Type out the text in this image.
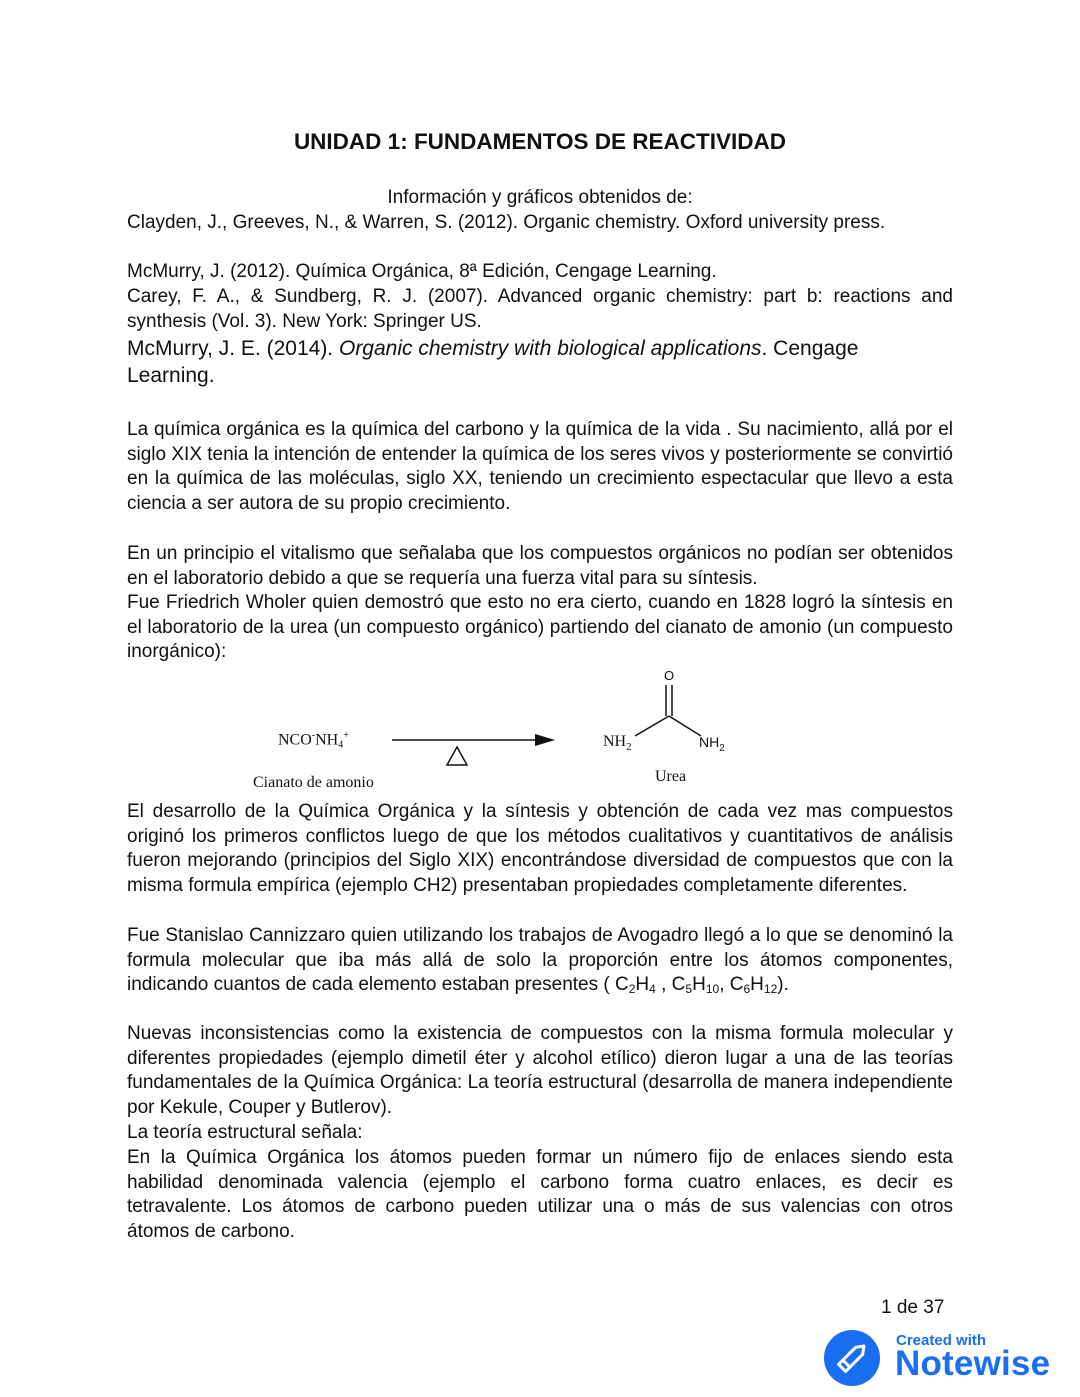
UNIDAD 1: FUNDAMENTOS DE REACTIVIDAD

Información y gráficos obtenidos de:

Clayden, J., Greeves, N., & Warren, S. (2012). Organic chemistry. Oxford university press.

McMurry, J. (2012). Química Orgánica, 8ª Edición, Cengage Learning.

Carey, F. A., & Sundberg, R. J. (2007). Advanced organic chemistry: part b: reactions and synthesis (Vol. 3). New York: Springer US.

McMurry, J. E. (2014). Organic chemistry with biological applications. Cengage Learning.

La química orgánica es la química del carbono y la química de la vida . Su nacimiento, allá por el siglo XIX tenia la intención de entender la química de los seres vivos y posteriormente se convirtió en la química de las moléculas, siglo XX, teniendo un crecimiento espectacular que llevo a esta ciencia a ser autora de su propio crecimiento.

En un principio el vitalismo que señalaba que los compuestos orgánicos no podían ser obtenidos en el laboratorio debido a que se requería una fuerza vital para su síntesis.

Fue Friedrich Wholer quien demostró que esto no era cierto, cuando en 1828 logró la síntesis en el laboratorio de la urea (un compuesto orgánico) partiendo del cianato de amonio (un compuesto inorgánico):

$NCO^-NH_4^+$
Cianato de amonio
O
$NH_2$	$NH_2$
Urea

El desarrollo de la Química Orgánica y la síntesis y obtención de cada vez mas compuestos originó los primeros conflictos luego de que los métodos cualitativos y cuantitativos de análisis fueron mejorando (principios del Siglo XIX) encontrándose diversidad de compuestos que con la misma formula empírica (ejemplo CH2) presentaban propiedades completamente diferentes.

Fue Stanislao Cannizzaro quien utilizando los trabajos de Avogadro llegó a lo que se denominó la formula molecular que iba más allá de solo la proporción entre los átomos componentes, indicando cuantos de cada elemento estaban presentes ( $C_2H_4$ , $C_5H_{10}$, $C_6H_{12}$).

Nuevas inconsistencias como la existencia de compuestos con la misma formula molecular y diferentes propiedades (ejemplo dimetil éter y alcohol etílico) dieron lugar a una de las teorías fundamentales de la Química Orgánica: La teoría estructural (desarrolla de manera independiente por Kekule, Couper y Butlerov).

La teoría estructural señala:

En la Química Orgánica los átomos pueden formar un número fijo de enlaces siendo esta habilidad denominada valencia (ejemplo el carbono forma cuatro enlaces, es decir es tetravalente. Los átomos de carbono pueden utilizar una o más de sus valencias con otros átomos de carbono.

1 de 37
Created with
Notewise
